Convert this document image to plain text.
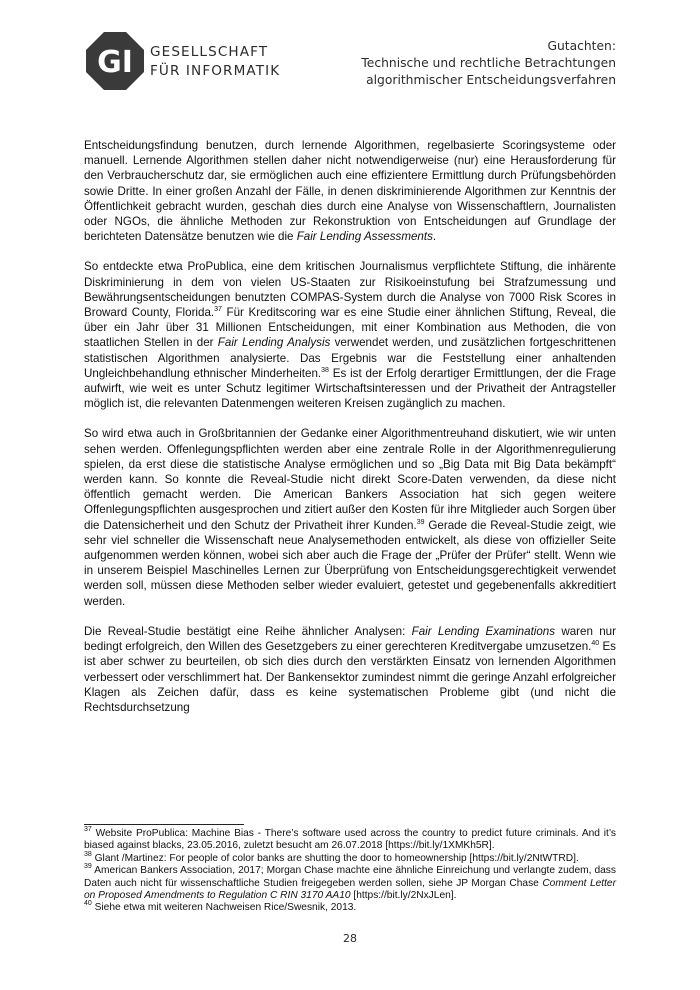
GI GESELLSCHAFT
FÜR INFORMATIK
Gutachten:
Technische und rechtliche Betrachtungen
algorithmischer Entscheidungsverfahren

Entscheidungsfindung benutzen, durch lernende Algorithmen, regelbasierte Scoringsysteme oder manuell. Lernende Algorithmen stellen daher nicht notwendigerweise (nur) eine Herausforderung für den Verbraucherschutz dar, sie ermöglichen auch eine effizientere Ermittlung durch Prüfungsbehörden sowie Dritte. In einer großen Anzahl der Fälle, in denen diskriminierende Algorithmen zur Kenntnis der Öffentlichkeit gebracht wurden, geschah dies durch eine Analyse von Wissenschaftlern, Journalisten oder NGOs, die ähnliche Methoden zur Rekonstruktion von Entscheidungen auf Grundlage der berichteten Datensätze benutzen wie die Fair Lending Assessments.

So entdeckte etwa ProPublica, eine dem kritischen Journalismus verpflichtete Stiftung, die inhärente Diskriminierung in dem von vielen US-Staaten zur Risikoeinstufung bei Strafzumessung und Bewährungsentscheidungen benutzten COMPAS-System durch die Analyse von 7000 Risk Scores in Broward County, Florida.$^{37}$ Für Kreditscoring war es eine Studie einer ähnlichen Stiftung, Reveal, die über ein Jahr über 31 Millionen Entscheidungen, mit einer Kombination aus Methoden, die von staatlichen Stellen in der Fair Lending Analysis verwendet werden, und zusätzlichen fortgeschrittenen statistischen Algorithmen analysierte. Das Ergebnis war die Feststellung einer anhaltenden Ungleichbehandlung ethnischer Minderheiten.$^{38}$ Es ist der Erfolg derartiger Ermittlungen, der die Frage aufwirft, wie weit es unter Schutz legitimer Wirtschaftsinteressen und der Privatheit der Antragsteller möglich ist, die relevanten Datenmengen weiteren Kreisen zugänglich zu machen.

So wird etwa auch in Großbritannien der Gedanke einer Algorithmentreuhand diskutiert, wie wir unten sehen werden. Offenlegungspflichten werden aber eine zentrale Rolle in der Algorithmenregulierung spielen, da erst diese die statistische Analyse ermöglichen und so „Big Data mit Big Data bekämpft“ werden kann. So konnte die Reveal-Studie nicht direkt Score-Daten verwenden, da diese nicht öffentlich gemacht werden. Die American Bankers Association hat sich gegen weitere Offenlegungspflichten ausgesprochen und zitiert außer den Kosten für ihre Mitglieder auch Sorgen über die Datensicherheit und den Schutz der Privatheit ihrer Kunden.$^{39}$ Gerade die Reveal-Studie zeigt, wie sehr viel schneller die Wissenschaft neue Analysemethoden entwickelt, als diese von offizieller Seite aufgenommen werden können, wobei sich aber auch die Frage der „Prüfer der Prüfer“ stellt. Wenn wie in unserem Beispiel Maschinelles Lernen zur Überprüfung von Entscheidungsgerechtigkeit verwendet werden soll, müssen diese Methoden selber wieder evaluiert, getestet und gegebenenfalls akkreditiert werden.

Die Reveal-Studie bestätigt eine Reihe ähnlicher Analysen: Fair Lending Examinations waren nur bedingt erfolgreich, den Willen des Gesetzgebers zu einer gerechteren Kreditvergabe umzusetzen.$^{40}$ Es ist aber schwer zu beurteilen, ob sich dies durch den verstärkten Einsatz von lernenden Algorithmen verbessert oder verschlimmert hat. Der Bankensektor zumindest nimmt die geringe Anzahl erfolgreicher Klagen als Zeichen dafür, dass es keine systematischen Probleme gibt (und nicht die Rechtsdurchsetzung

$^{37}$ Website ProPublica: Machine Bias - There’s software used across the country to predict future criminals. And it’s biased against blacks, 23.05.2016, zuletzt besucht am 26.07.2018 [https://bit.ly/1XMKh5R].

$^{38}$ Glant /Martinez: For people of color banks are shutting the door to homeownership [https://bit.ly/2NtWTRD].

$^{39}$ American Bankers Association, 2017; Morgan Chase machte eine ähnliche Einreichung und verlangte zudem, dass Daten auch nicht für wissenschaftliche Studien freigegeben werden sollen, siehe JP Morgan Chase Comment Letter on Proposed Amendments to Regulation C RIN 3170 AA10 [https://bit.ly/2NxJLen].

$^{40}$ Siehe etwa mit weiteren Nachweisen Rice/Swesnik, 2013.

28
